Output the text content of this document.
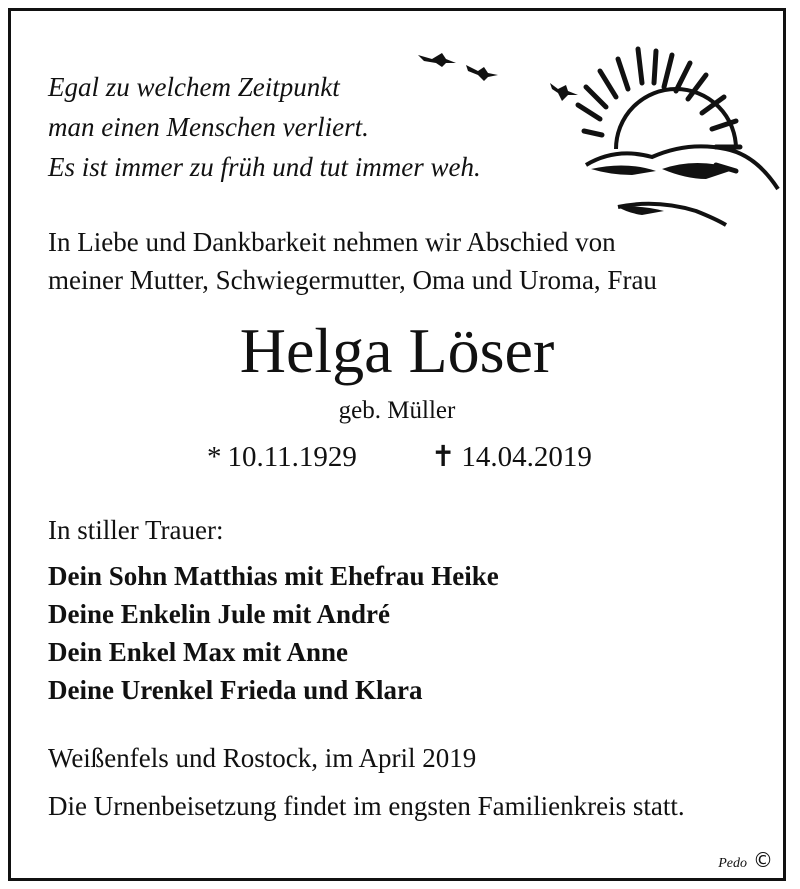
Egal zu welchem Zeitpunkt
man einen Menschen verliert.
Es ist immer zu früh und tut immer weh.
In Liebe und Dankbarkeit nehmen wir Abschied von
meiner Mutter, Schwiegermutter, Oma und Uroma, Frau
Helga Löser
geb. Müller
* 10.11.1929	✝ 14.04.2019
In stiller Trauer:
Dein Sohn Matthias mit Ehefrau Heike
Deine Enkelin Jule mit André
Dein Enkel Max mit Anne
Deine Urenkel Frieda und Klara
Weißenfels und Rostock, im April 2019
Die Urnenbeisetzung findet im engsten Familienkreis statt.
Pedo ©
